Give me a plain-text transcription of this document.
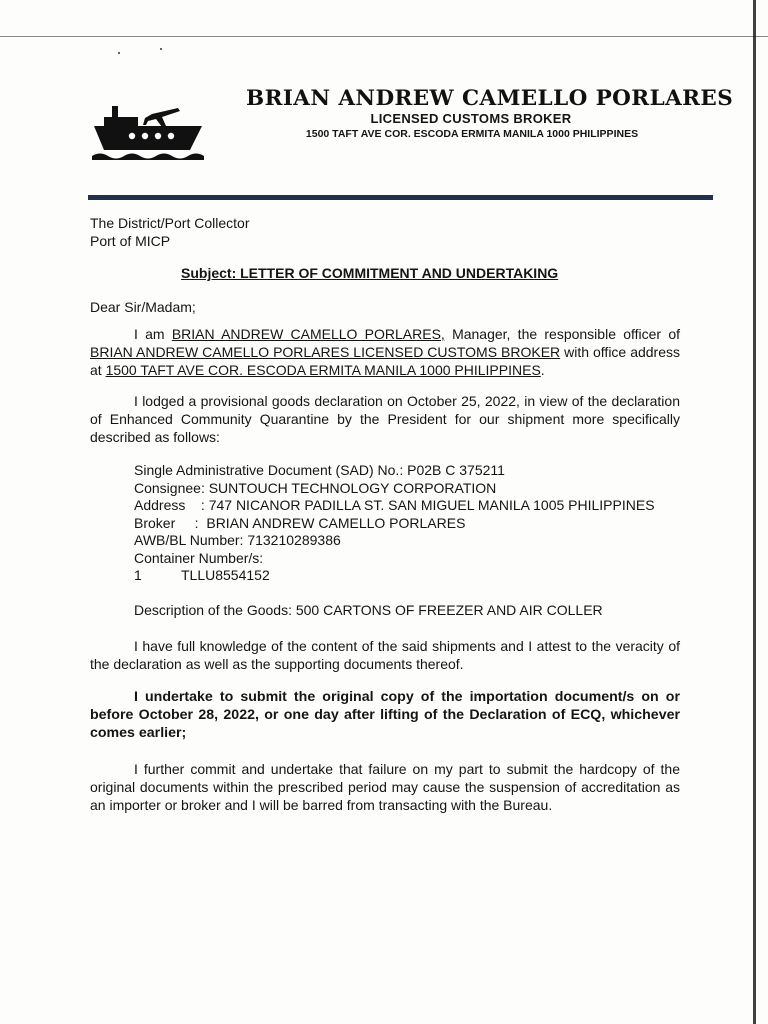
BRIAN ANDREW CAMELLO PORLARES
LICENSED CUSTOMS BROKER
1500 TAFT AVE COR. ESCODA ERMITA MANILA 1000 PHILIPPINES

The District/Port Collector

Port of MICP

Subject: LETTER OF COMMITMENT AND UNDERTAKING
Dear Sir/Madam;
I am BRIAN ANDREW CAMELLO PORLARES, Manager, the responsible officer of BRIAN ANDREW CAMELLO PORLARES LICENSED CUSTOMS BROKER with office address at 1500 TAFT AVE COR. ESCODA ERMITA MANILA 1000 PHILIPPINES.
I lodged a provisional goods declaration on October 25, 2022, in view of the declaration of Enhanced Community Quarantine by the President for our shipment more specifically described as follows:
Single Administrative Document (SAD) No.: P02B C 375211
Consignee: SUNTOUCH TECHNOLOGY CORPORATION
Address    : 747 NICANOR PADILLA ST. SAN MIGUEL MANILA 1005 PHILIPPINES
Broker     :  BRIAN ANDREW CAMELLO PORLARES
AWB/BL Number: 713210289386
Container Number/s:
1	TLLU8554152
Description of the Goods: 500 CARTONS OF FREEZER AND AIR COLLER
I have full knowledge of the content of the said shipments and I attest to the veracity of the declaration as well as the supporting documents thereof.
I undertake to submit the original copy of the importation document/s on or before October 28, 2022, or one day after lifting of the Declaration of ECQ, whichever comes earlier;
I further commit and undertake that failure on my part to submit the hardcopy of the original documents within the prescribed period may cause the suspension of accreditation as an importer or broker and I will be barred from transacting with the Bureau.
